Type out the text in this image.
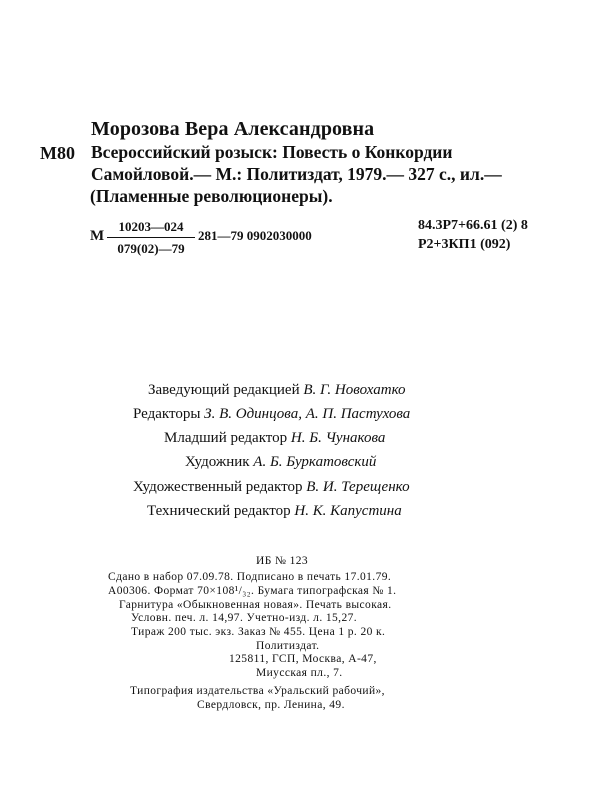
Морозова Вера Александровна
М80 Всероссийский розыск: Повесть о Конкордии
Самойловой.— М.: Политиздат, 1979.— 327 с., ил.—
(Пламенные революционеры).
М $\frac{10203—024}{079(02)—79}$ 281—79 0902030000
84.3Р7+66.61 (2) 8
Р2+3КП1 (092)
Заведующий редакцией В. Г. Новохатко
Редакторы З. В. Одинцова, А. П. Пастухова
Младший редактор Н. Б. Чунакова
Художник А. Б. Буркатовский
Художественный редактор В. И. Терещенко
Технический редактор Н. К. Капустина
ИБ № 123
Сдано в набор 07.09.78. Подписано в печать 17.01.79.
А00306. Формат 70×108¹/₃₂. Бумага типографская № 1.
Гарнитура «Обыкновенная новая». Печать высокая.
Условн. печ. л. 14,97. Учетно-изд. л. 15,27.
Тираж 200 тыс. экз. Заказ № 455. Цена 1 р. 20 к.
Политиздат.
125811, ГСП, Москва, А-47,
Миусская пл., 7.
Типография издательства «Уральский рабочий»,
Свердловск, пр. Ленина, 49.
